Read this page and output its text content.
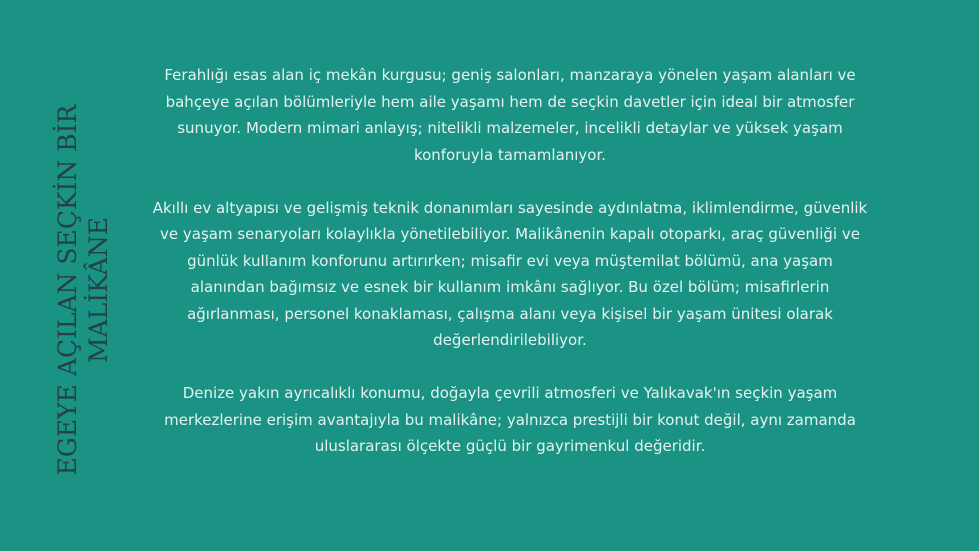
EGEYE AÇILAN SEÇKİN BİR MALİKÂNE

Ferahlığı esas alan iç mekân kurgusu; geniş salonları, manzaraya yönelen yaşam alanları ve bahçeye açılan bölümleriyle hem aile yaşamı hem de seçkin davetler için ideal bir atmosfer sunuyor. Modern mimari anlayış; nitelikli malzemeler, incelikli detaylar ve yüksek yaşam konforuyla tamamlanıyor.

Akıllı ev altyapısı ve gelişmiş teknik donanımları sayesinde aydınlatma, iklimlendirme, güvenlik ve yaşam senaryoları kolaylıkla yönetilebiliyor. Malikânenin kapalı otoparkı, araç güvenliği ve günlük kullanım konforunu artırırken; misafir evi veya müştemilat bölümü, ana yaşam alanından bağımsız ve esnek bir kullanım imkânı sağlıyor. Bu özel bölüm; misafirlerin ağırlanması, personel konaklaması, çalışma alanı veya kişisel bir yaşam ünitesi olarak değerlendirilebiliyor.

Denize yakın ayrıcalıklı konumu, doğayla çevrili atmosferi ve Yalıkavak'ın seçkin yaşam merkezlerine erişim avantajıyla bu malikâne; yalnızca prestijli bir konut değil, aynı zamanda uluslararası ölçekte güçlü bir gayrimenkul değeridir.
